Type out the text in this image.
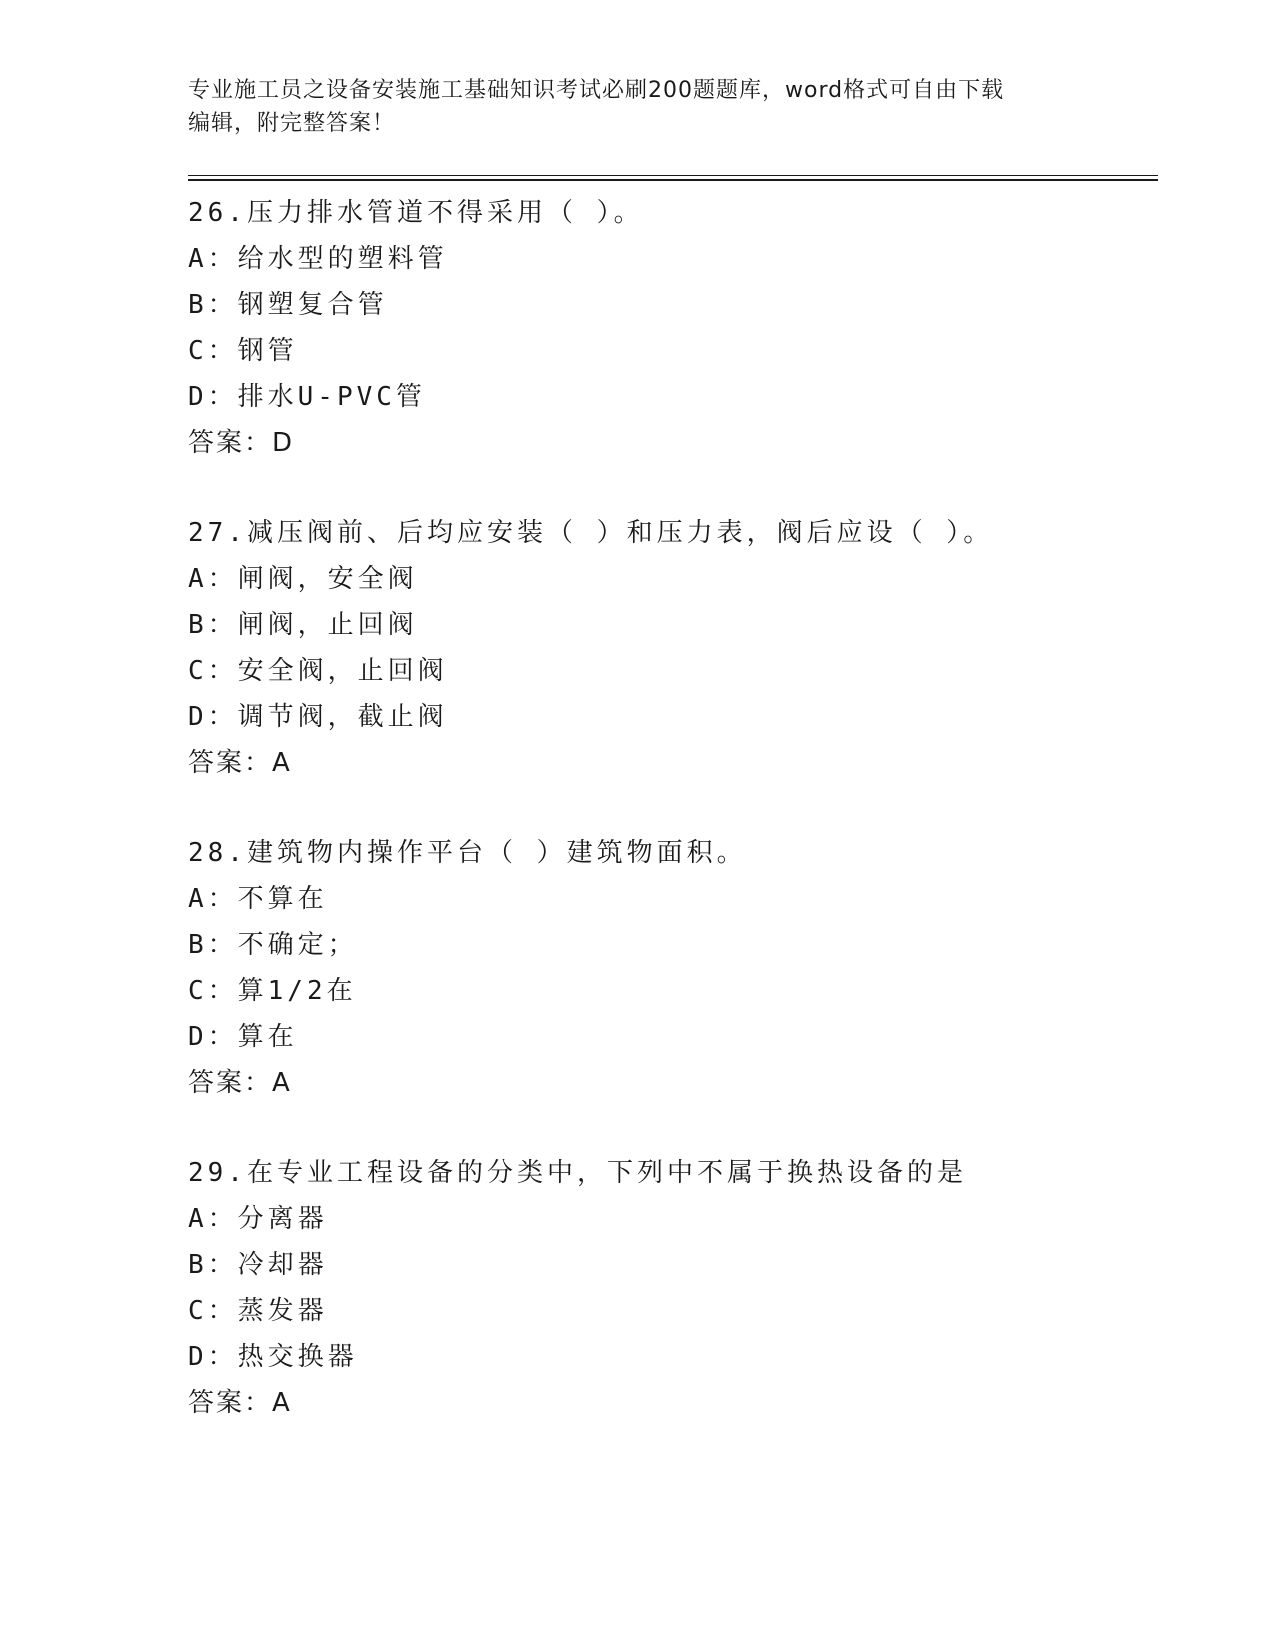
专业施工员之设备安装施工基础知识考试必刷200题题库，word格式可自由下载
编辑，附完整答案！
26.压力排水管道不得采用（ ）。
A：给水型的塑料管
B：钢塑复合管
C：钢管
D：排水U-PVC管
答案：D
27.减压阀前、后均应安装（ ）和压力表，阀后应设（ ）。
A：闸阀，安全阀
B：闸阀，止回阀
C：安全阀，止回阀
D：调节阀，截止阀
答案：A
28.建筑物内操作平台（ ）建筑物面积。
A：不算在
B：不确定；
C：算1/2在
D：算在
答案：A
29.在专业工程设备的分类中，下列中不属于换热设备的是
A：分离器
B：冷却器
C：蒸发器
D：热交换器
答案：A
